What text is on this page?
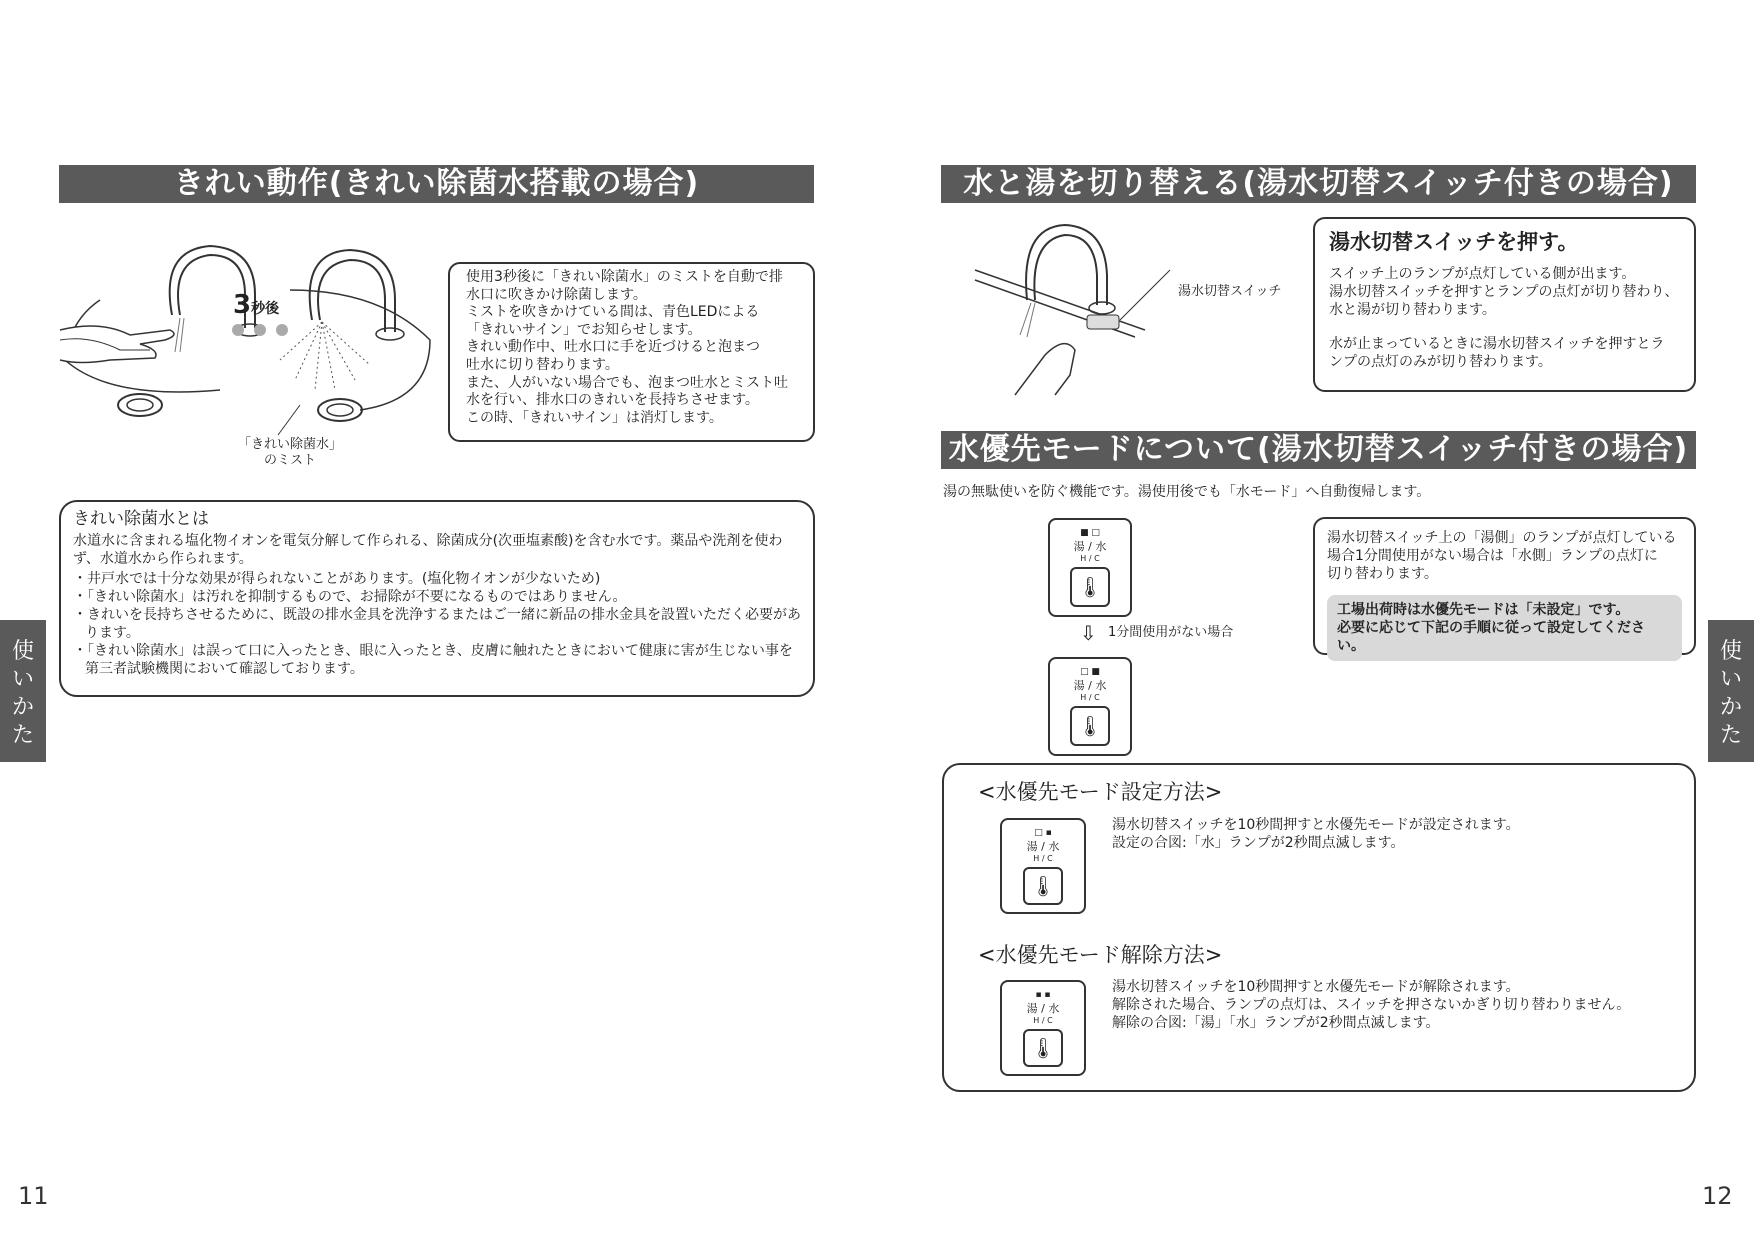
きれい動作(きれい除菌水搭載の場合)
3秒後
「きれい除菌水」
のミスト
使用3秒後に「きれい除菌水」のミストを自動で排
水口に吹きかけ除菌します。
ミストを吹きかけている間は、青色LEDによる
「きれいサイン」でお知らせします。
きれい動作中、吐水口に手を近づけると泡まつ
吐水に切り替わります。
また、人がいない場合でも、泡まつ吐水とミスト吐
水を行い、排水口のきれいを長持ちさせます。
この時、「きれいサイン」は消灯します。
きれい除菌水とは
水道水に含まれる塩化物イオンを電気分解して作られる、除菌成分(次亜塩素酸)を含む水です。薬品や洗剤を使わず、水道水から作られます。
・井戸水では十分な効果が得られないことがあります。(塩化物イオンが少ないため)
・「きれい除菌水」は汚れを抑制するもので、お掃除が不要になるものではありません。
・きれいを長持ちさせるために、既設の排水金具を洗浄するまたはご一緒に新品の排水金具を設置いただく必要があります。
・「きれい除菌水」は誤って口に入ったとき、眼に入ったとき、皮膚に触れたときにおいて健康に害が生じない事を第三者試験機関において確認しております。
使
い
か
た
11
水と湯を切り替える(湯水切替スイッチ付きの場合)
湯水切替スイッチ
湯水切替スイッチを押す。
スイッチ上のランプが点灯している側が出ます。
湯水切替スイッチを押すとランプの点灯が切り替わり、
水と湯が切り替わります。
水が止まっているときに湯水切替スイッチを押すとラ
ンプの点灯のみが切り替わります。
水優先モードについて(湯水切替スイッチ付きの場合)
湯の無駄使いを防ぐ機能です。湯使用後でも「水モード」へ自動復帰します。
■ □
湯 / 水
H / C
🌡
⇩ 1分間使用がない場合
□ ■
湯 / 水
H / C
🌡
湯水切替スイッチ上の「湯側」のランプが点灯している
場合1分間使用がない場合は「水側」ランプの点灯に
切り替わります。
工場出荷時は水優先モードは「未設定」です。
必要に応じて下記の手順に従って設定してください。
<水優先モード設定方法>
□ ▪
湯 / 水
H / C
🌡
湯水切替スイッチを10秒間押すと水優先モードが設定されます。
設定の合図:「水」ランプが2秒間点滅します。
<水優先モード解除方法>
▪ ▪
湯 / 水
H / C
🌡
湯水切替スイッチを10秒間押すと水優先モードが解除されます。
解除された場合、ランプの点灯は、スイッチを押さないかぎり切り替わりません。
解除の合図:「湯」「水」ランプが2秒間点滅します。
使
い
か
た
12
